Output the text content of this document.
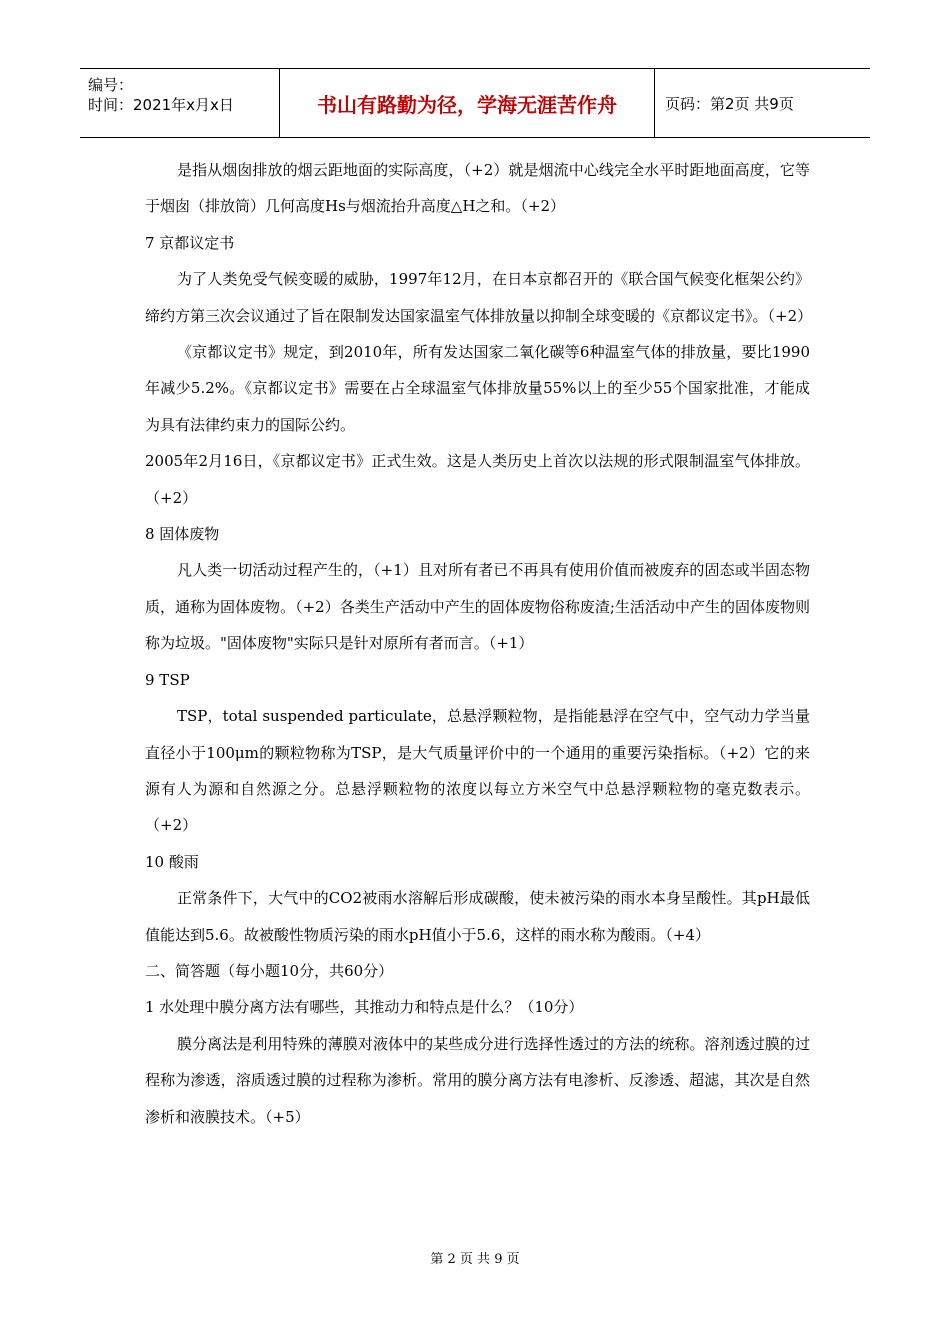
编号：
时间：2021年x月x日	书山有路勤为径，学海无涯苦作舟	页码：第2页 共9页

是指从烟囱排放的烟云距地面的实际高度，（+2）就是烟流中心线完全水平时距地面高度，它等于烟囱（排放筒）几何高度Hs与烟流抬升高度△H之和。（+2）

7 京都议定书

为了人类免受气候变暖的威胁，1997年12月，在日本京都召开的《联合国气候变化框架公约》缔约方第三次会议通过了旨在限制发达国家温室气体排放量以抑制全球变暖的《京都议定书》。（+2）

《京都议定书》规定，到2010年，所有发达国家二氧化碳等6种温室气体的排放量，要比1990年减少5.2%。《京都议定书》需要在占全球温室气体排放量55%以上的至少55个国家批准，才能成为具有法律约束力的国际公约。

2005年2月16日，《京都议定书》正式生效。这是人类历史上首次以法规的形式限制温室气体排放。（+2）

8 固体废物

凡人类一切活动过程产生的，（+1）且对所有者已不再具有使用价值而被废弃的固态或半固态物质，通称为固体废物。（+2）各类生产活动中产生的固体废物俗称废渣;生活活动中产生的固体废物则称为垃圾。"固体废物"实际只是针对原所有者而言。（+1）

9 TSP

TSP，total suspended particulate，总悬浮颗粒物，是指能悬浮在空气中，空气动力学当量直径小于100μm的颗粒物称为TSP，是大气质量评价中的一个通用的重要污染指标。（+2）它的来源有人为源和自然源之分。总悬浮颗粒物的浓度以每立方米空气中总悬浮颗粒物的毫克数表示。（+2）

10 酸雨

正常条件下，大气中的CO2被雨水溶解后形成碳酸，使未被污染的雨水本身呈酸性。其pH最低值能达到5.6。故被酸性物质污染的雨水pH值小于5.6，这样的雨水称为酸雨。（+4）

二、简答题（每小题10分，共60分）

1 水处理中膜分离方法有哪些，其推动力和特点是什么？（10分）

膜分离法是利用特殊的薄膜对液体中的某些成分进行选择性透过的方法的统称。溶剂透过膜的过程称为渗透，溶质透过膜的过程称为渗析。常用的膜分离方法有电渗析、反渗透、超滤，其次是自然渗析和液膜技术。（+5）

第 2 页 共 9 页
